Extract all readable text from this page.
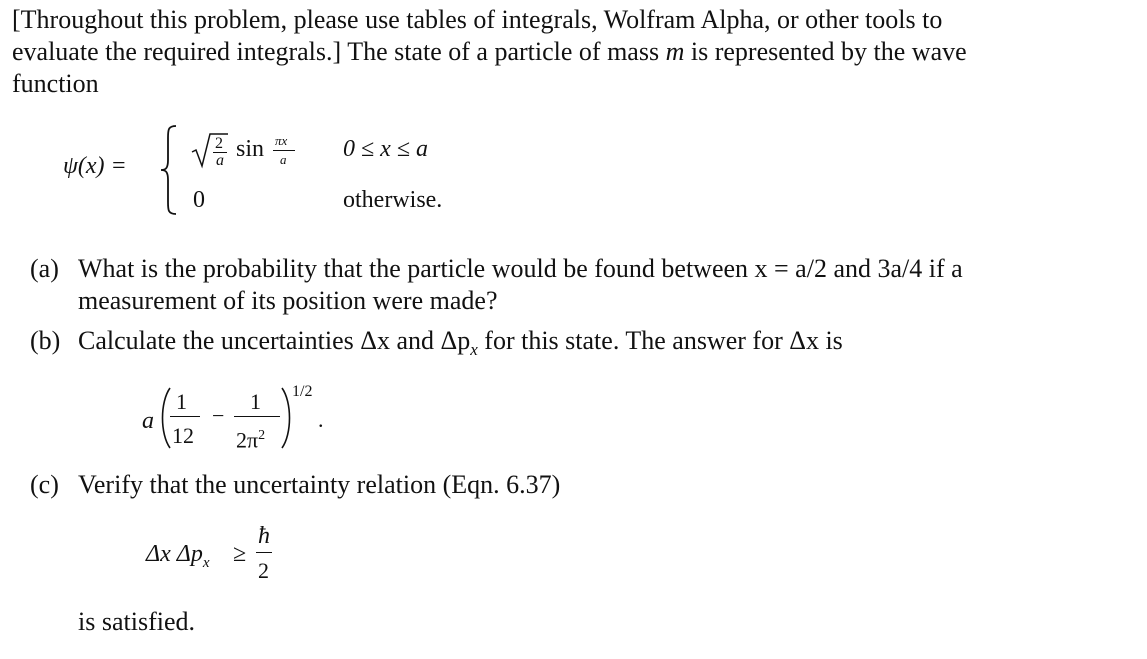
[Throughout this problem, please use tables of integrals, Wolfram Alpha, or other tools to
evaluate the required integrals.] The state of a particle of mass m is represented by the wave
function
ψ(x) =
2
a sin πx
a 0 ≤ x ≤ a
0	otherwise.
(a) What is the probability that the particle would be found between x = a/2 and 3a/4 if a
measurement of its position were made?
(b) Calculate the uncertainties Δx and $\Delta p_x$ for this state. The answer for Δx is
a
1
12
−
1
$2\pi^2$
1/2
.
(c) Verify that the uncertainty relation (Eqn. 6.37)
Δx $\Delta p_x$ ≥
ħ
2
is satisfied.
